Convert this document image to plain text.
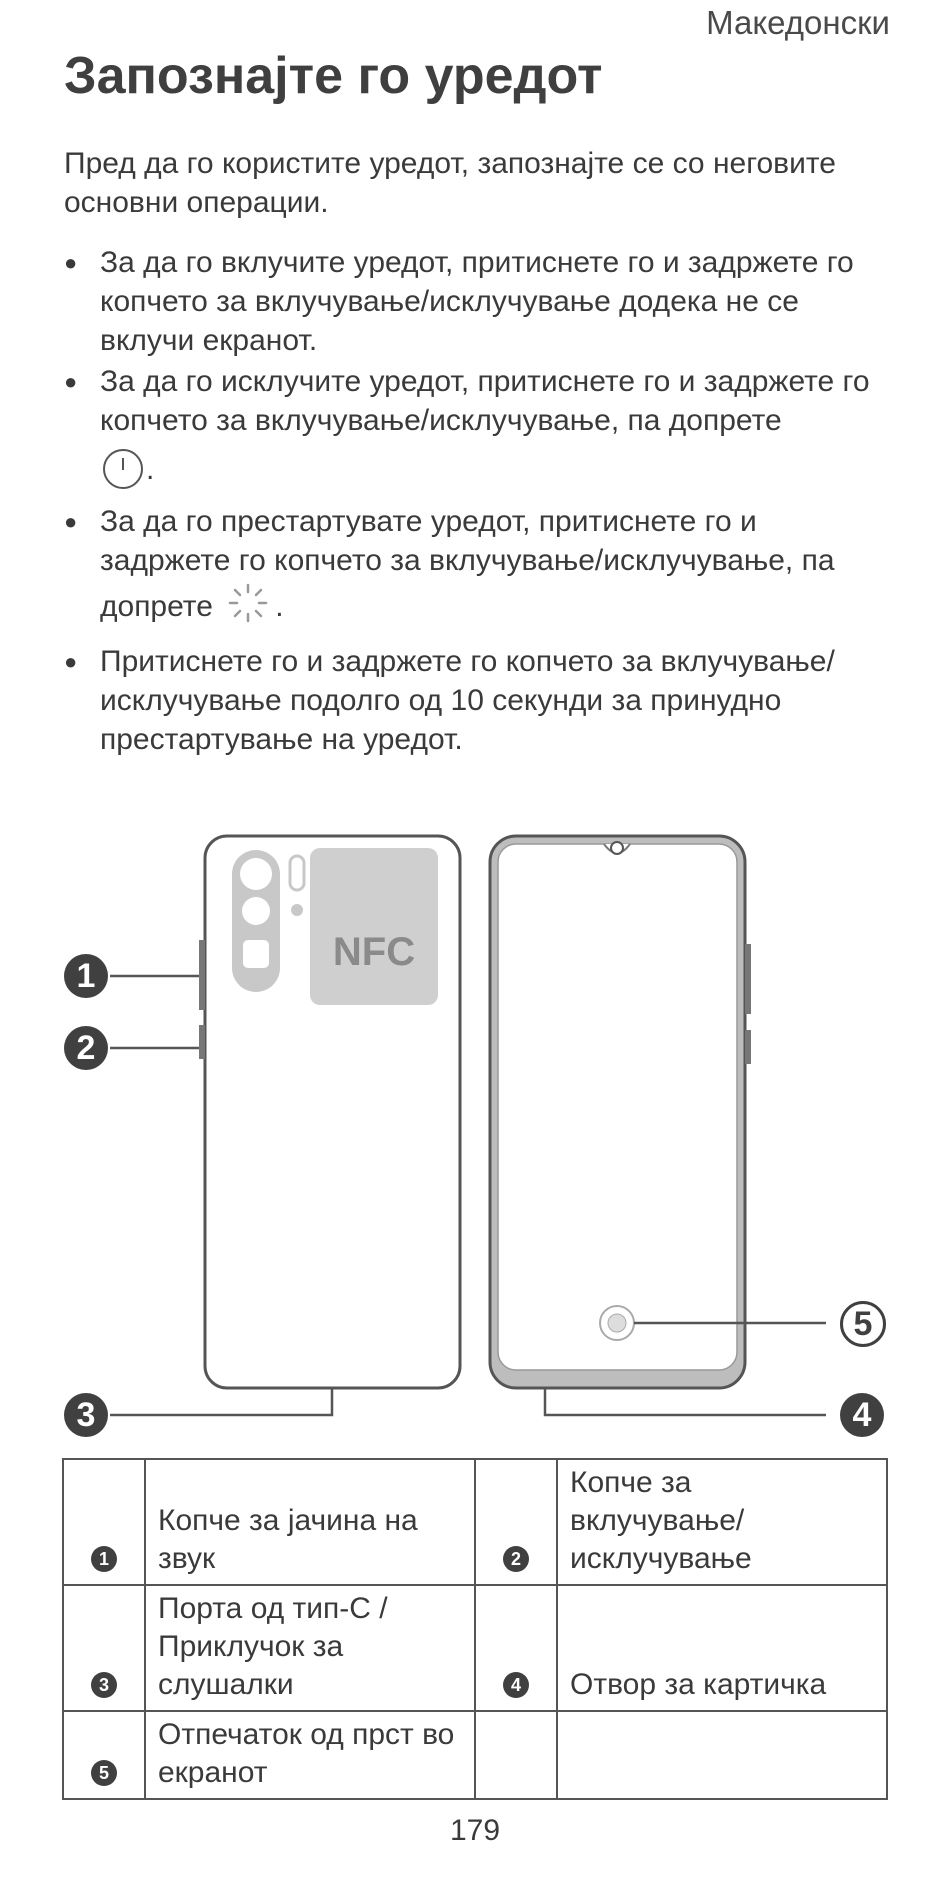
Македонски
Запознајте го уредот
Пред да го користите уредот, запознајте се со неговите основни операции.
● За да го вклучите уредот, притиснете го и задржете го копчето за вклучување/исклучување додека не се вклучи екранот.
● За да го исклучите уредот, притиснете го и задржете го копчето за вклучување/исклучување, па допрете
.
● За да го престартувате уредот, притиснете го и задржете го копчето за вклучување/исклучување, па допрете .
● Притиснете го и задржете го копчето за вклучување/исклучување подолго од 10 секунди за принудно престартување на уредот.
NFC
1
2
3	4
5
1	Копче за јачина на звук	2	Копче за вклучување/ исклучување
3	Порта од тип-C / Приклучок за слушалки	4	Отвор за картичка
5	Отпечаток од прст во екранот		
179
